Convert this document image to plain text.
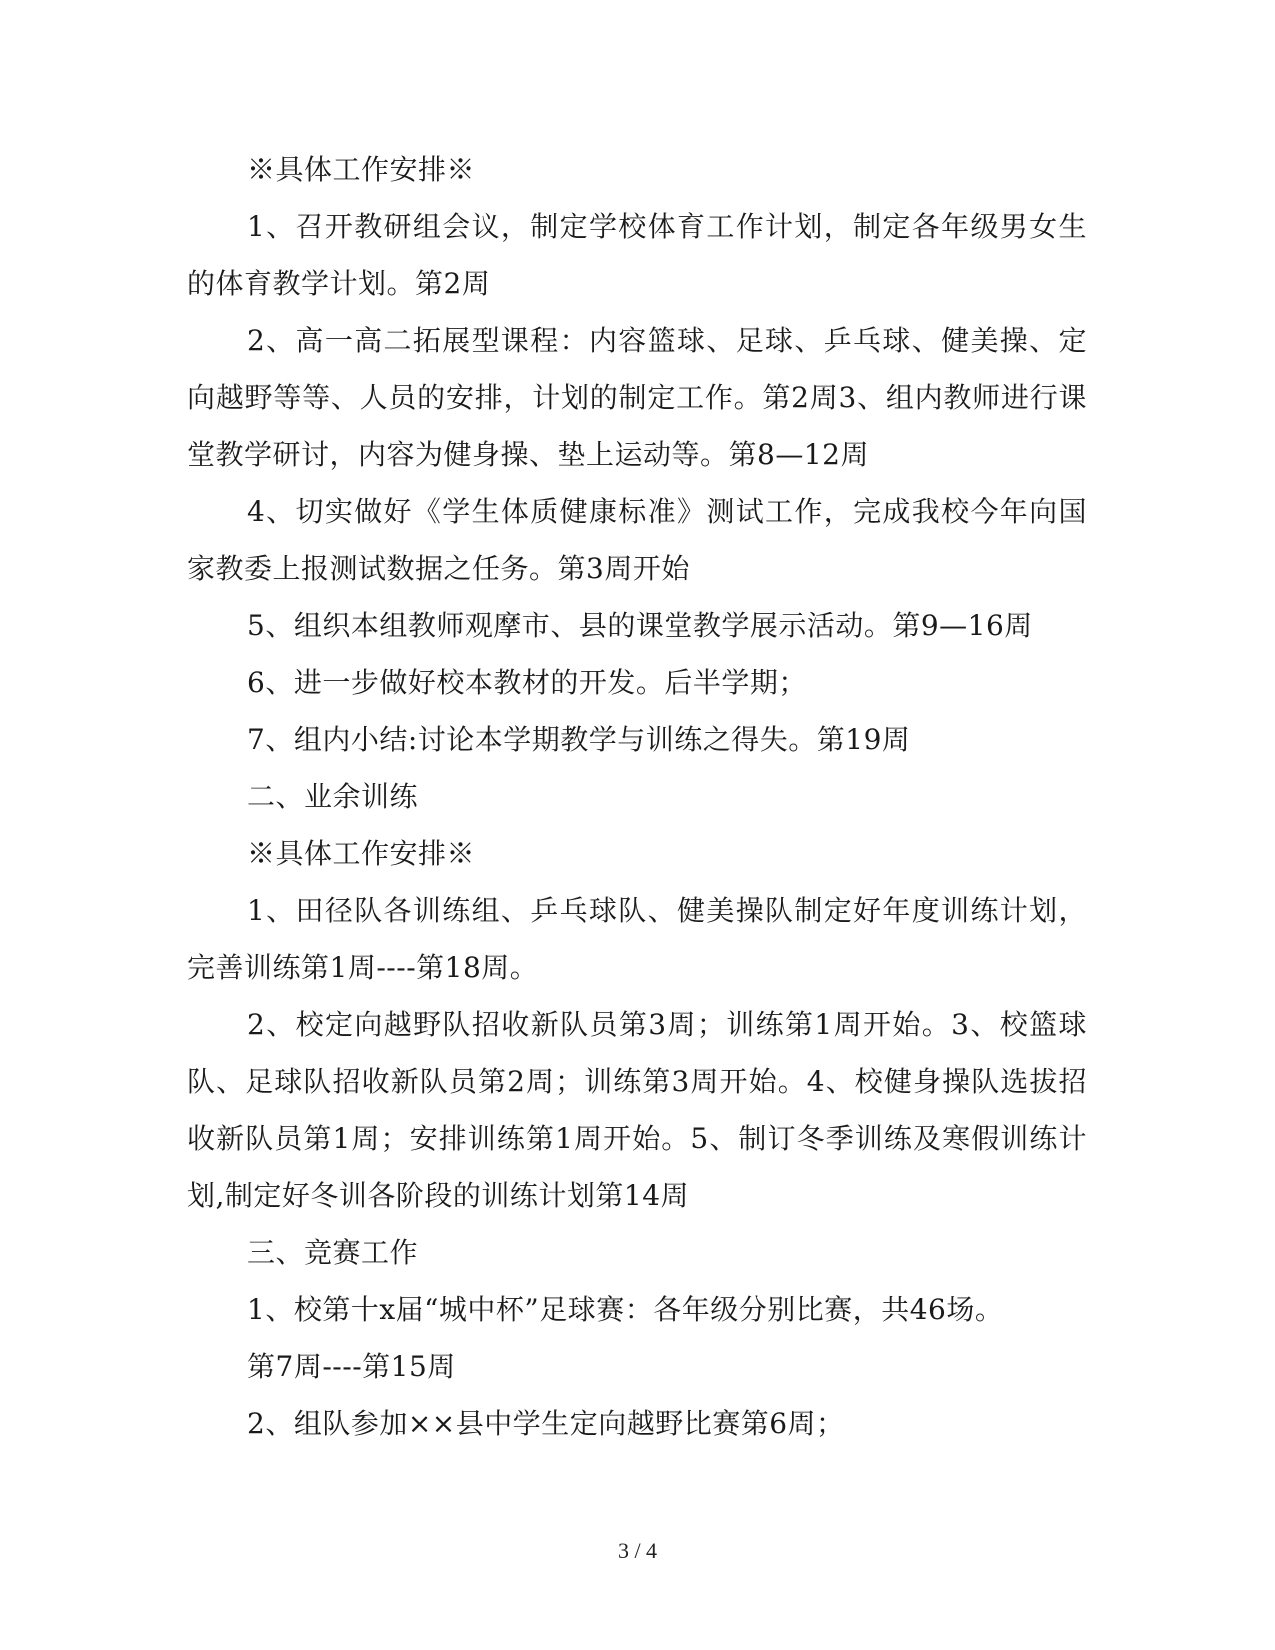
※具体工作安排※

1、召开教研组会议，制定学校体育工作计划，制定各年级男女生的体育教学计划。第2周

2、高一高二拓展型课程：内容篮球、足球、乒乓球、健美操、定向越野等等、人员的安排，计划的制定工作。第2周3、组内教师进行课堂教学研讨，内容为健身操、垫上运动等。第8—12周

4、切实做好《学生体质健康标准》测试工作，完成我校今年向国家教委上报测试数据之任务。第3周开始

5、组织本组教师观摩市、县的课堂教学展示活动。第9—16周

6、进一步做好校本教材的开发。后半学期；

7、组内小结:讨论本学期教学与训练之得失。第19周

二、业余训练

※具体工作安排※

1、田径队各训练组、乒乓球队、健美操队制定好年度训练计划，完善训练第1周----第18周。

2、校定向越野队招收新队员第3周；训练第1周开始。3、校篮球队、足球队招收新队员第2周；训练第3周开始。4、校健身操队选拔招收新队员第1周；安排训练第1周开始。5、制订冬季训练及寒假训练计划,制定好冬训各阶段的训练计划第14周

三、竞赛工作

1、校第十x届“城中杯”足球赛：各年级分别比赛，共46场。

第7周----第15周

2、组队参加××县中学生定向越野比赛第6周；

3 / 4
